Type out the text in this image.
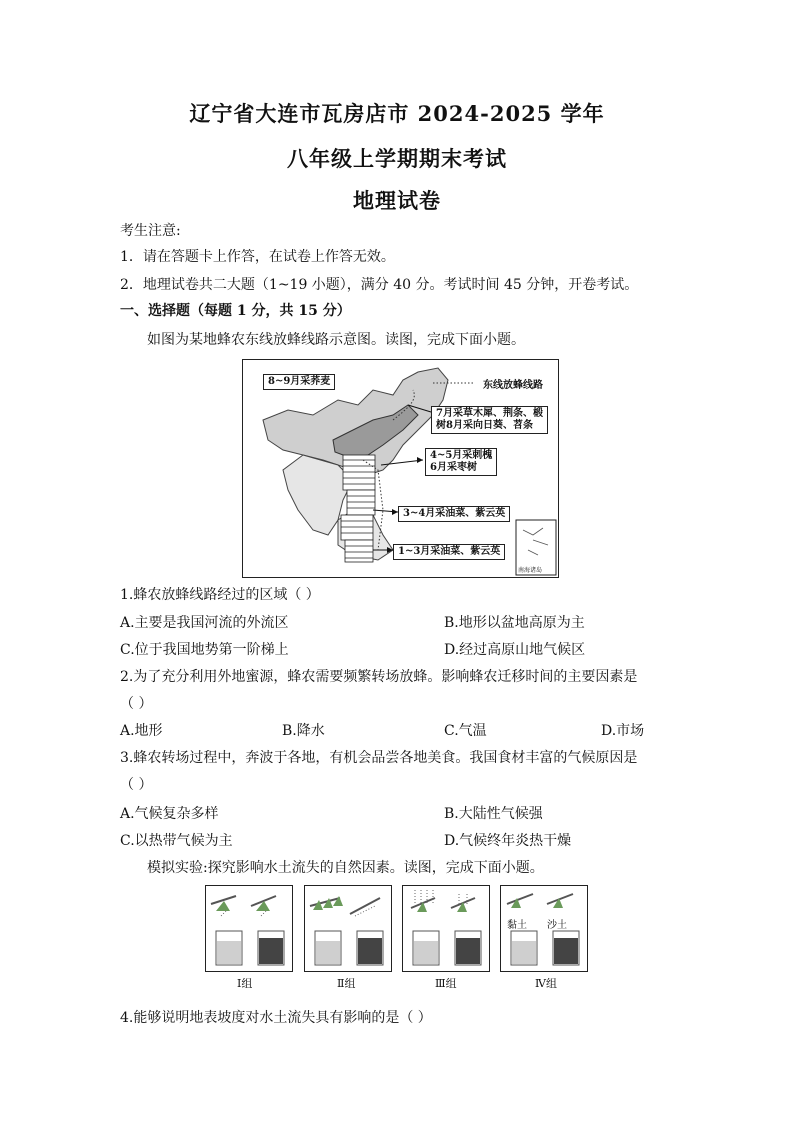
辽宁省大连市瓦房店市 2024-2025 学年
八年级上学期期末考试
地理试卷
考生注意:
1．请在答题卡上作答，在试卷上作答无效。
2．地理试卷共二大题（1~19 小题），满分 40 分。考试时间 45 分钟，开卷考试。
一、选择题（每题 1 分，共 15 分）
如图为某地蜂农东线放蜂线路示意图。读图，完成下面小题。
8~9月采荞麦	东线放蜂线路
7月采草木犀、荆条、椴
树8月采向日葵、苕条
4~5月采刺槐
6月采枣树
3~4月采油菜、紫云英
1~3月采油菜、紫云英
南海诸岛
1.蜂农放蜂线路经过的区域（ ）
A.主要是我国河流的外流区	B.地形以盆地高原为主
C.位于我国地势第一阶梯上	D.经过高原山地气候区
2.为了充分利用外地蜜源，蜂农需要频繁转场放蜂。影响蜂农迁移时间的主要因素是
（ ）
A.地形	B.降水	C.气温	D.市场
3.蜂农转场过程中，奔波于各地，有机会品尝各地美食。我国食材丰富的气候原因是
（ ）
A.气候复杂多样	B.大陆性气候强
C.以热带气候为主	D.气候终年炎热干燥
模拟实验:探究影响水土流失的自然因素。读图，完成下面小题。
黏土 沙土
Ⅰ组	Ⅱ组	Ⅲ组	Ⅳ组
4.能够说明地表坡度对水土流失具有影响的是（ ）
